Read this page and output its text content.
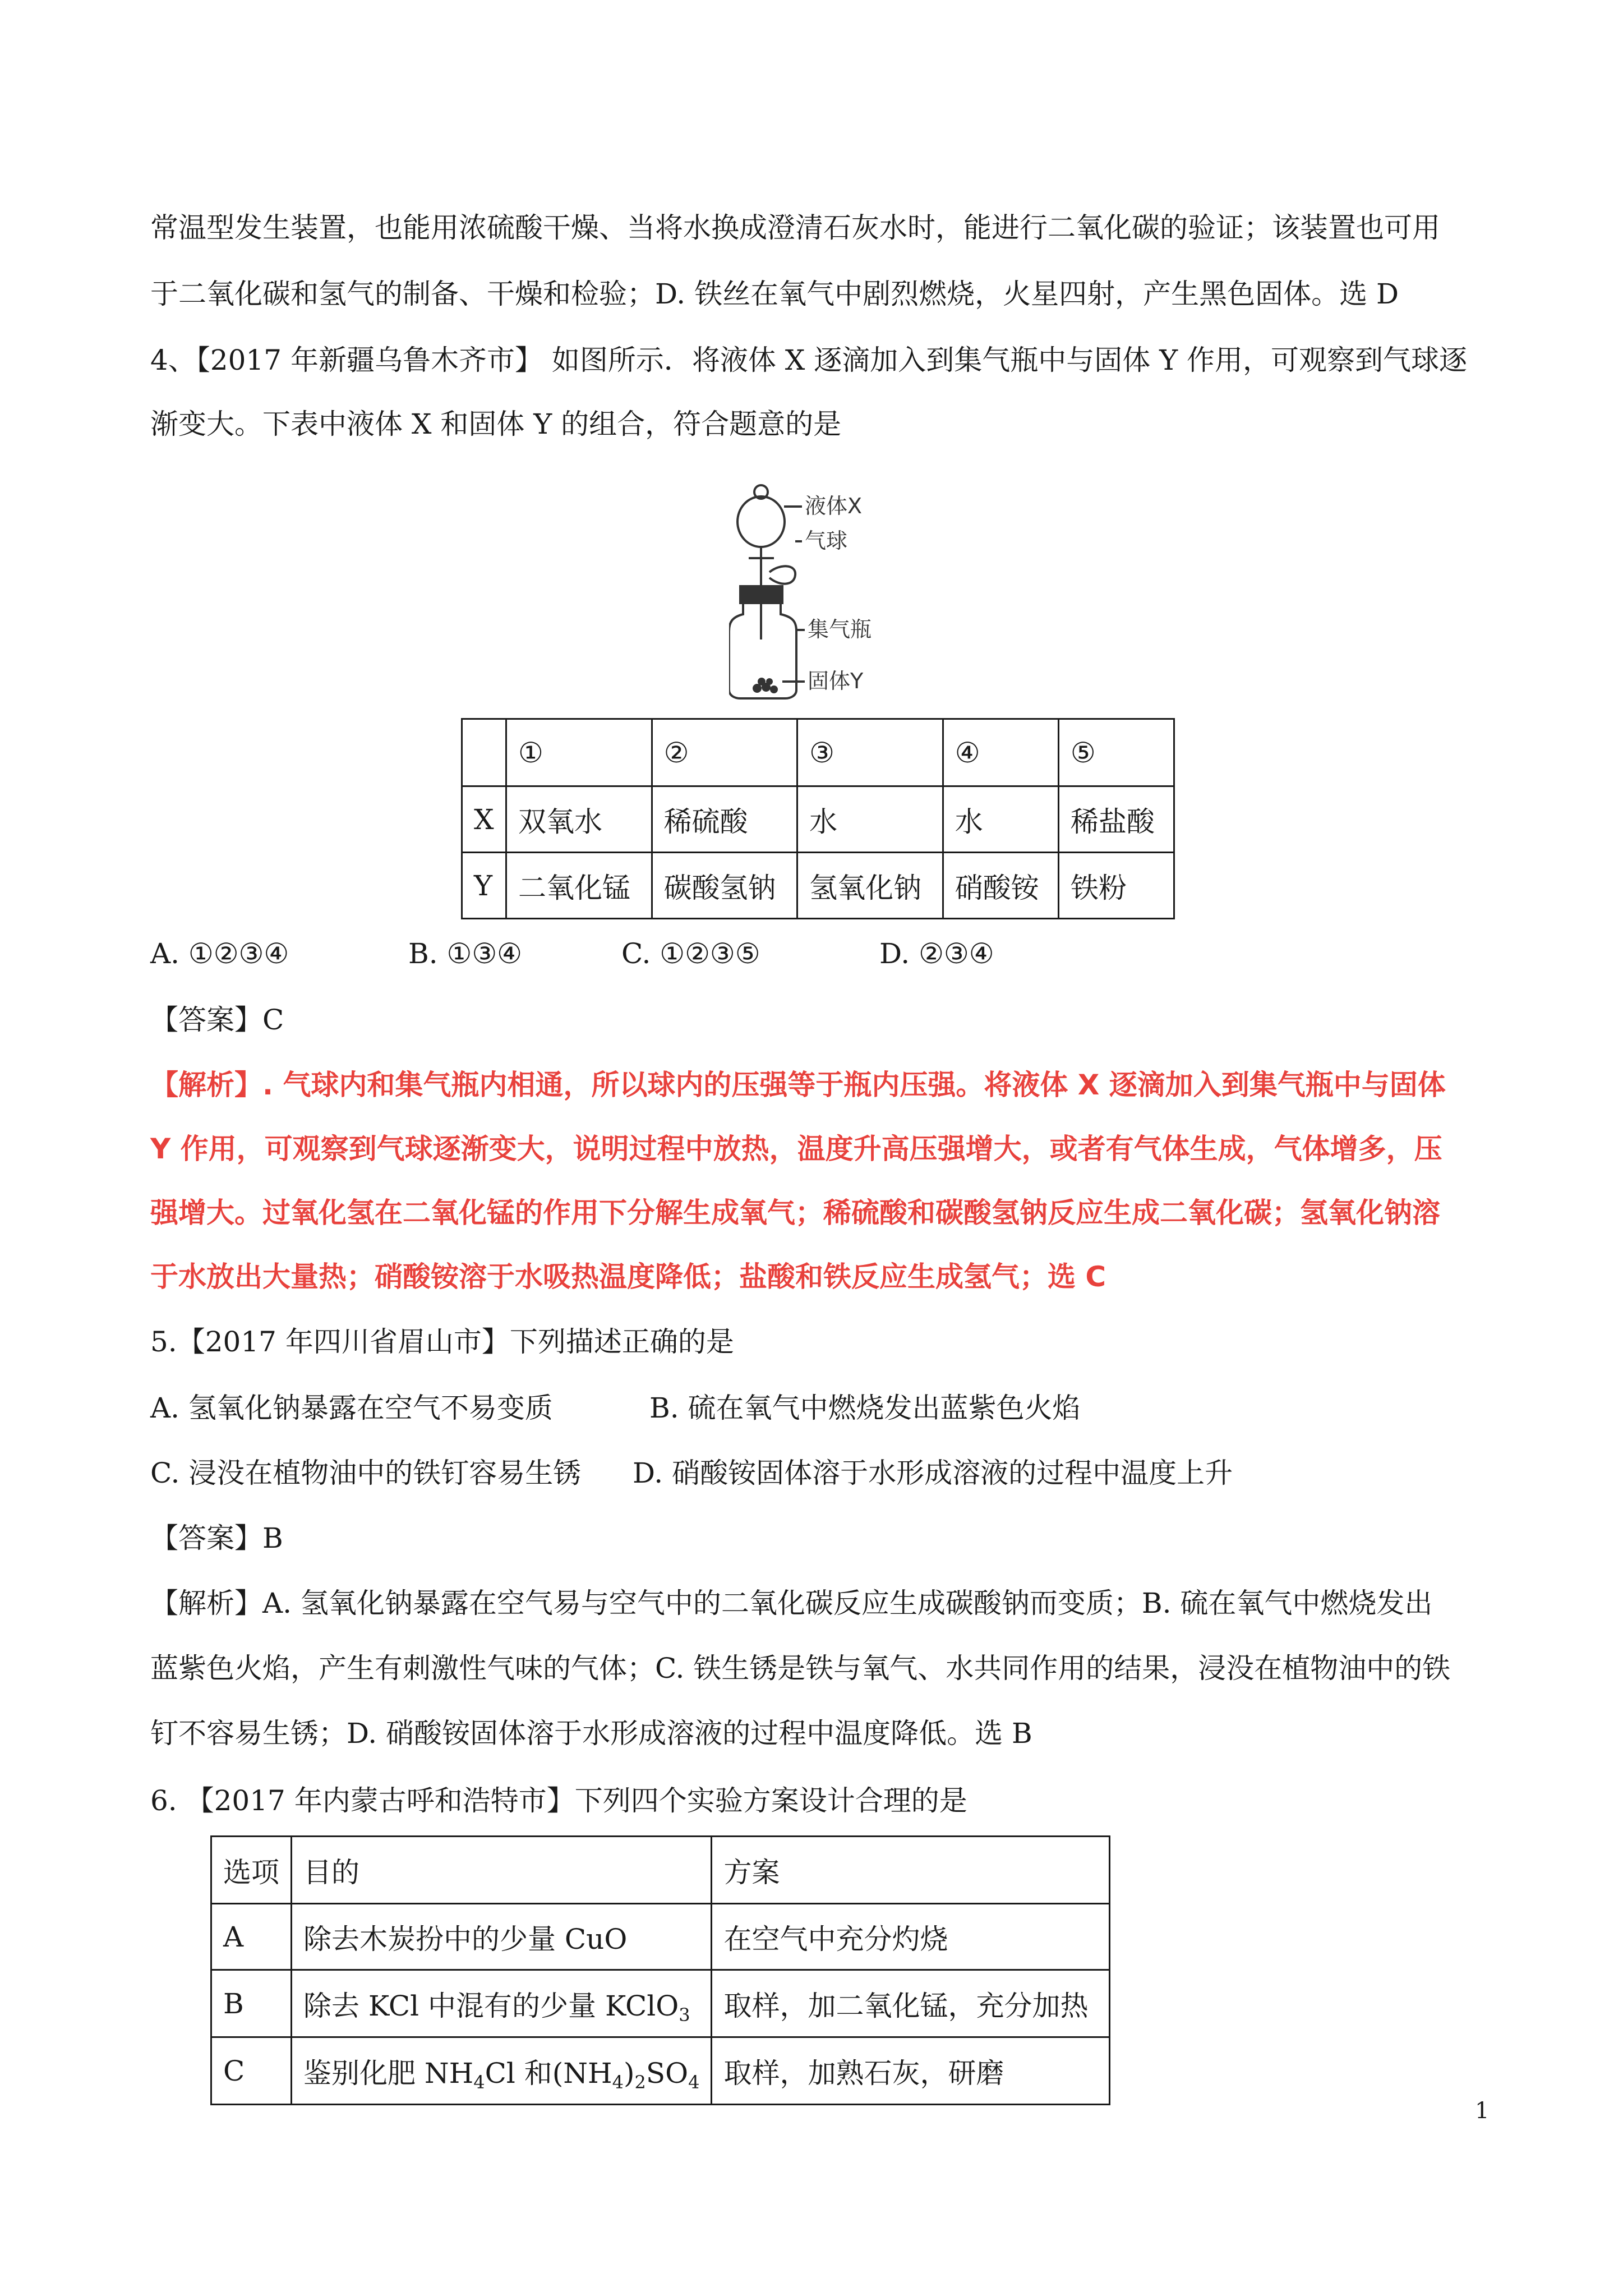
常温型发生装置，也能用浓硫酸干燥、当将水换成澄清石灰水时，能进行二氧化碳的验证；该装置也可用
于二氧化碳和氢气的制备、干燥和检验；D. 铁丝在氧气中剧烈燃烧，火星四射，产生黑色固体。选 D
4、【2017 年新疆乌鲁木齐市】 如图所示．将液体 X 逐滴加入到集气瓶中与固体 Y 作用，可观察到气球逐
渐变大。下表中液体 X 和固体 Y 的组合，符合题意的是
液体X
气球
集气瓶
固体Y
	①	②	③	④	⑤
X	双氧水	稀硫酸	水	水	稀盐酸
Y	二氧化锰	碳酸氢钠	氢氧化钠	硝酸铵	铁粉
A. ①②③④	B. ①③④	C. ①②③⑤	D. ②③④
【答案】C
【解析】. 气球内和集气瓶内相通，所以球内的压强等于瓶内压强。将液体 X 逐滴加入到集气瓶中与固体
Y 作用，可观察到气球逐渐变大，说明过程中放热，温度升高压强增大，或者有气体生成，气体增多，压
强增大。过氧化氢在二氧化锰的作用下分解生成氧气；稀硫酸和碳酸氢钠反应生成二氧化碳；氢氧化钠溶
于水放出大量热；硝酸铵溶于水吸热温度降低；盐酸和铁反应生成氢气；选 C
5.【2017 年四川省眉山市】下列描述正确的是
A. 氢氧化钠暴露在空气不易变质	B. 硫在氧气中燃烧发出蓝紫色火焰
C. 浸没在植物油中的铁钉容易生锈 D. 硝酸铵固体溶于水形成溶液的过程中温度上升
【答案】B
【解析】A. 氢氧化钠暴露在空气易与空气中的二氧化碳反应生成碳酸钠而变质；B. 硫在氧气中燃烧发出
蓝紫色火焰，产生有刺激性气味的气体；C. 铁生锈是铁与氧气、水共同作用的结果，浸没在植物油中的铁
钉不容易生锈；D. 硝酸铵固体溶于水形成溶液的过程中温度降低。选 B
6. 【2017 年内蒙古呼和浩特市】下列四个实验方案设计合理的是
选项	目的	方案
A	除去木炭扮中的少量 CuO	在空气中充分灼烧
B	除去 KCl 中混有的少量 KClO$_3$	取样，加二氧化锰，充分加热
C	鉴别化肥 $NH_4Cl$ 和$(NH_4)_2SO_4$	取样，加熟石灰，研磨
1
